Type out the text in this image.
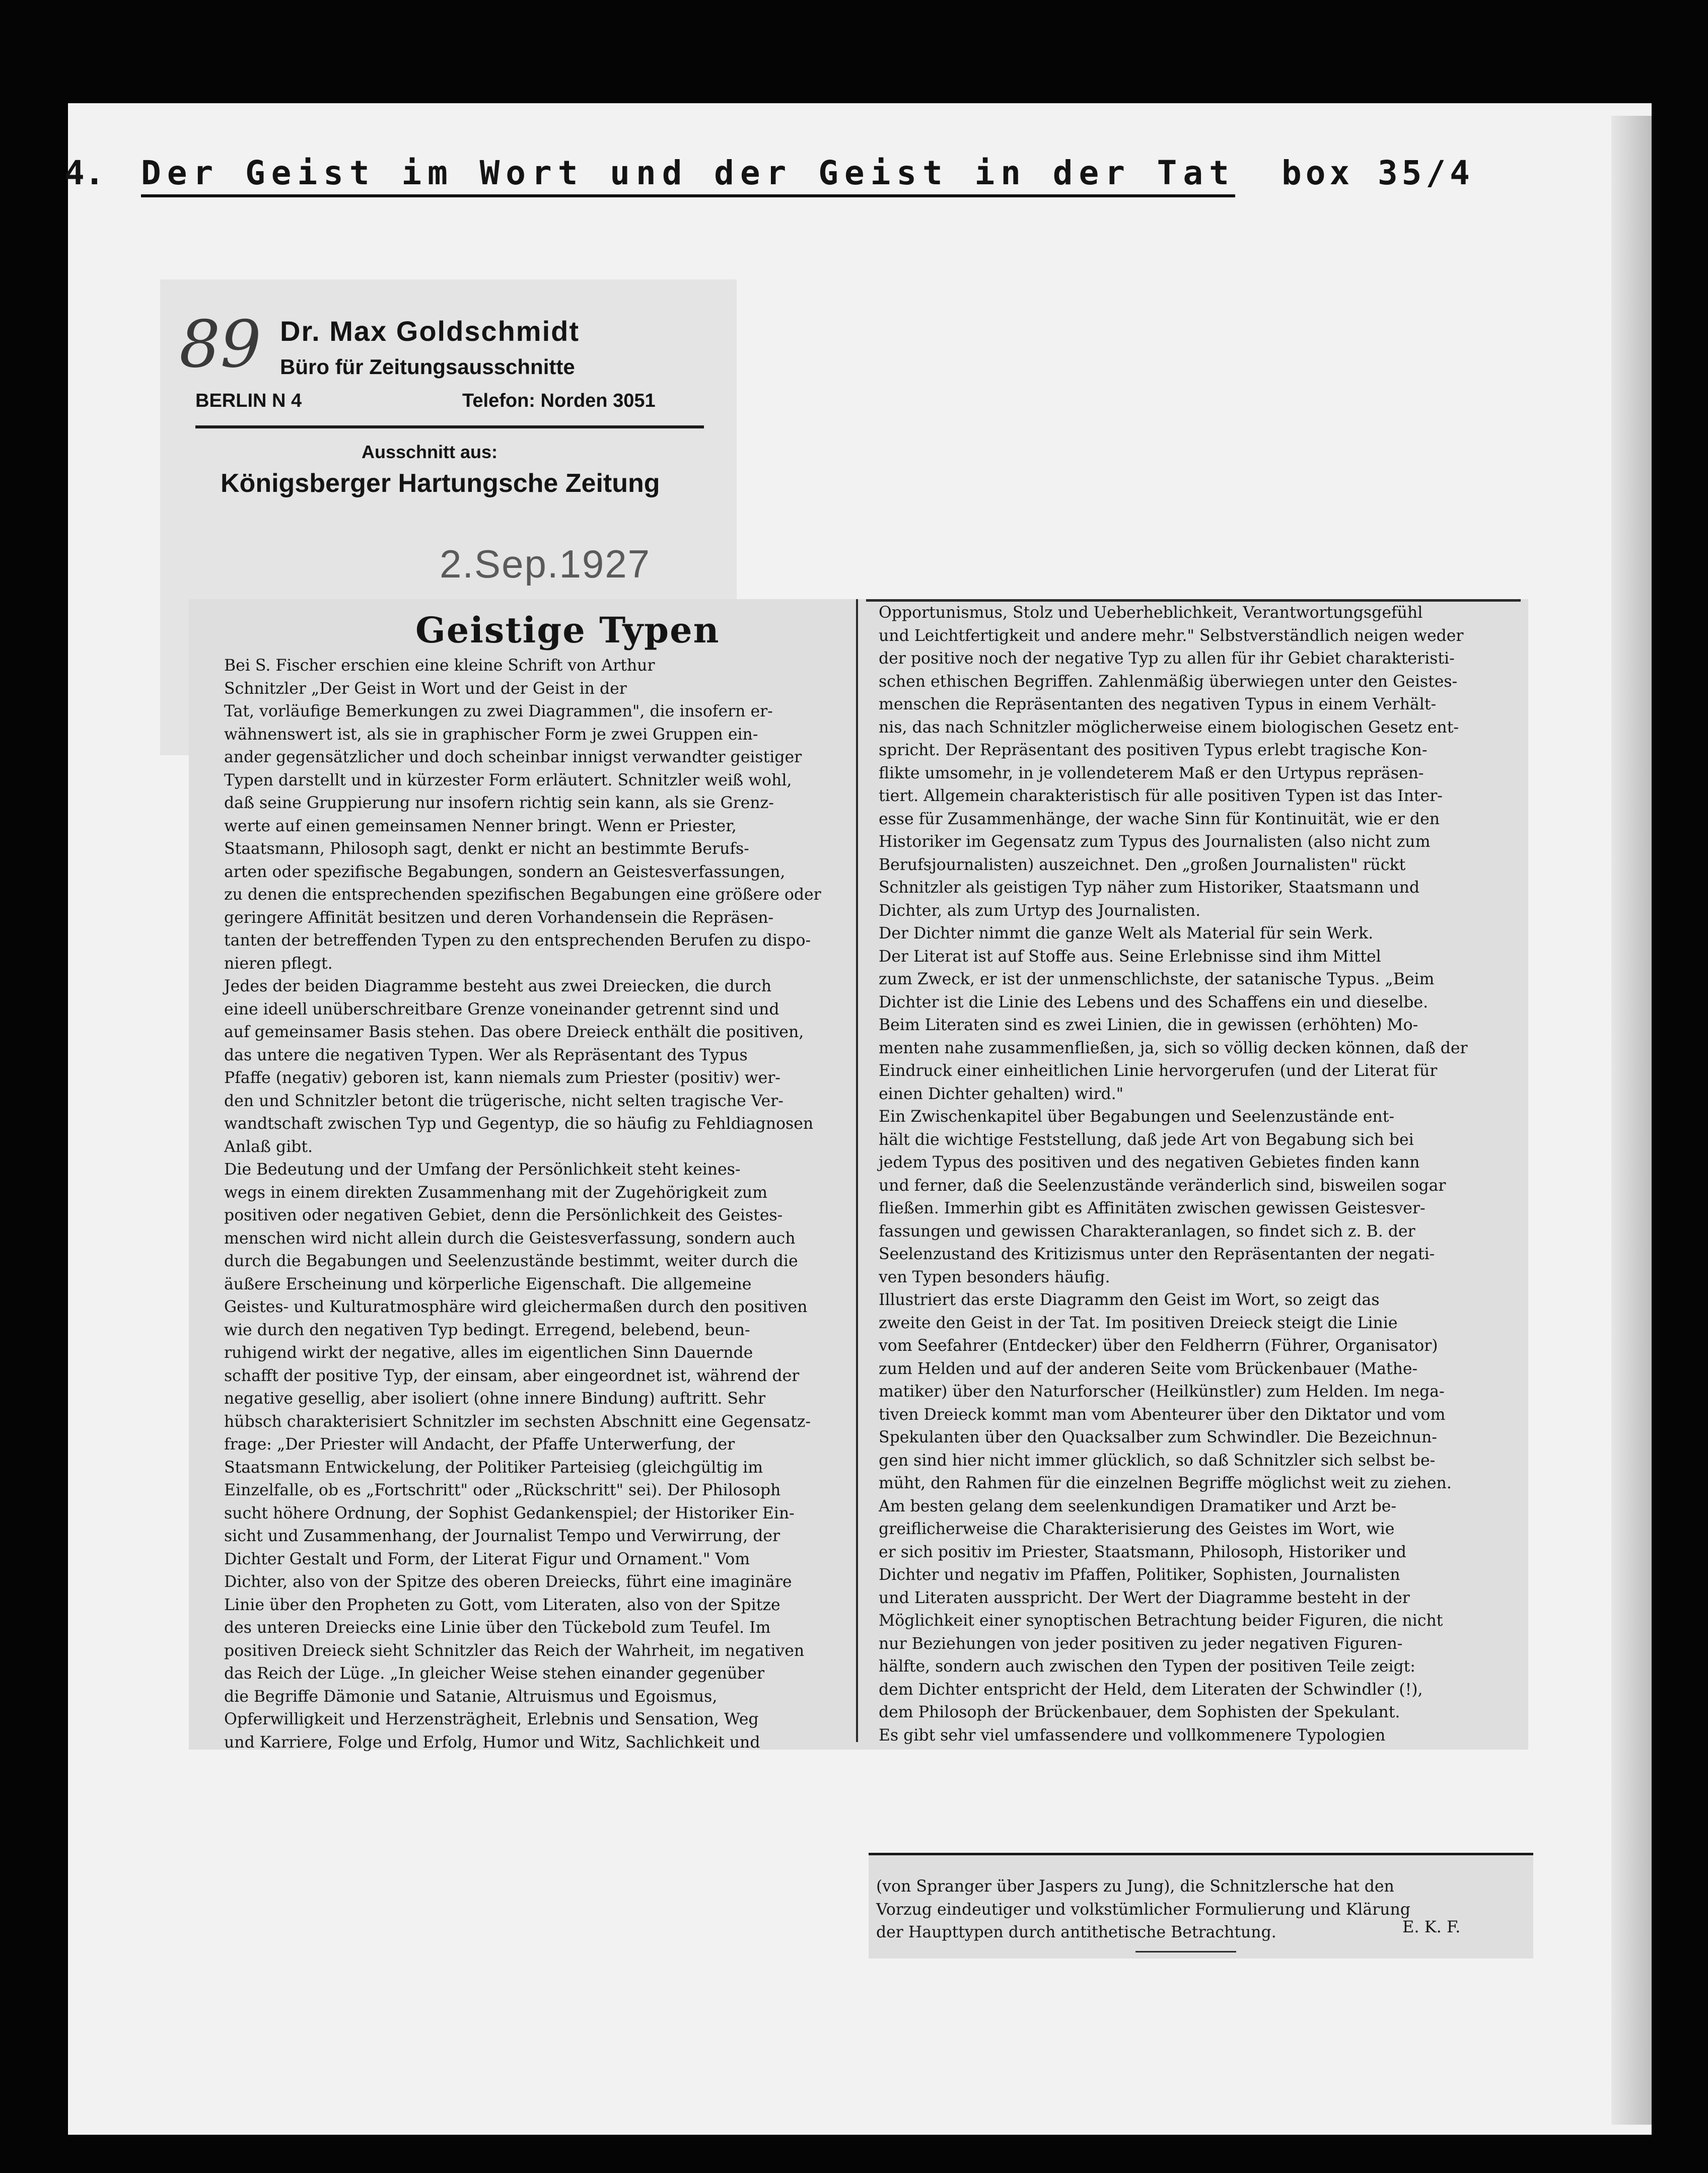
4. Der Geist im Wort und der Geist in der Tat box 35/4
89 Dr. Max Goldschmidt
Büro für Zeitungsausschnitte
BERLIN N 4	Telefon: Norden 3051
Ausschnitt aus:
Königsberger Hartungsche Zeitung
2.Sep.1927
Geistige Typen

Bei S. Fischer erschien eine kleine Schrift von Arthur

Schnitzler „Der Geist in Wort und der Geist in der

Tat, vorläufige Bemerkungen zu zwei Diagrammen", die insofern er-

wähnenswert ist, als sie in graphischer Form je zwei Gruppen ein-

ander gegensätzlicher und doch scheinbar innigst verwandter geistiger

Typen darstellt und in kürzester Form erläutert. Schnitzler weiß wohl,

daß seine Gruppierung nur insofern richtig sein kann, als sie Grenz-

werte auf einen gemeinsamen Nenner bringt. Wenn er Priester,

Staatsmann, Philosoph sagt, denkt er nicht an bestimmte Berufs-

arten oder spezifische Begabungen, sondern an Geistesverfassungen,

zu denen die entsprechenden spezifischen Begabungen eine größere oder

geringere Affinität besitzen und deren Vorhandensein die Repräsen-

tanten der betreffenden Typen zu den entsprechenden Berufen zu dispo-

nieren pflegt.

Jedes der beiden Diagramme besteht aus zwei Dreiecken, die durch

eine ideell unüberschreitbare Grenze voneinander getrennt sind und

auf gemeinsamer Basis stehen. Das obere Dreieck enthält die positiven,

das untere die negativen Typen. Wer als Repräsentant des Typus

Pfaffe (negativ) geboren ist, kann niemals zum Priester (positiv) wer-

den und Schnitzler betont die trügerische, nicht selten tragische Ver-

wandtschaft zwischen Typ und Gegentyp, die so häufig zu Fehldiagnosen

Anlaß gibt.

Die Bedeutung und der Umfang der Persönlichkeit steht keines-

wegs in einem direkten Zusammenhang mit der Zugehörigkeit zum

positiven oder negativen Gebiet, denn die Persönlichkeit des Geistes-

menschen wird nicht allein durch die Geistesverfassung, sondern auch

durch die Begabungen und Seelenzustände bestimmt, weiter durch die

äußere Erscheinung und körperliche Eigenschaft. Die allgemeine

Geistes- und Kulturatmosphäre wird gleichermaßen durch den positiven

wie durch den negativen Typ bedingt. Erregend, belebend, beun-

ruhigend wirkt der negative, alles im eigentlichen Sinn Dauernde

schafft der positive Typ, der einsam, aber eingeordnet ist, während der

negative gesellig, aber isoliert (ohne innere Bindung) auftritt. Sehr

hübsch charakterisiert Schnitzler im sechsten Abschnitt eine Gegensatz-

frage: „Der Priester will Andacht, der Pfaffe Unterwerfung, der

Staatsmann Entwickelung, der Politiker Parteisieg (gleichgültig im

Einzelfalle, ob es „Fortschritt" oder „Rückschritt" sei). Der Philosoph

sucht höhere Ordnung, der Sophist Gedankenspiel; der Historiker Ein-

sicht und Zusammenhang, der Journalist Tempo und Verwirrung, der

Dichter Gestalt und Form, der Literat Figur und Ornament." Vom

Dichter, also von der Spitze des oberen Dreiecks, führt eine imaginäre

Linie über den Propheten zu Gott, vom Literaten, also von der Spitze

des unteren Dreiecks eine Linie über den Tückebold zum Teufel. Im

positiven Dreieck sieht Schnitzler das Reich der Wahrheit, im negativen

das Reich der Lüge. „In gleicher Weise stehen einander gegenüber

die Begriffe Dämonie und Satanie, Altruismus und Egoismus,

Opferwilligkeit und Herzensträgheit, Erlebnis und Sensation, Weg

und Karriere, Folge und Erfolg, Humor und Witz, Sachlichkeit und

Opportunismus, Stolz und Ueberheblichkeit, Verantwortungsgefühl

und Leichtfertigkeit und andere mehr." Selbstverständlich neigen weder

der positive noch der negative Typ zu allen für ihr Gebiet charakteristi-

schen ethischen Begriffen. Zahlenmäßig überwiegen unter den Geistes-

menschen die Repräsentanten des negativen Typus in einem Verhält-

nis, das nach Schnitzler möglicherweise einem biologischen Gesetz ent-

spricht. Der Repräsentant des positiven Typus erlebt tragische Kon-

flikte umsomehr, in je vollendeterem Maß er den Urtypus repräsen-

tiert. Allgemein charakteristisch für alle positiven Typen ist das Inter-

esse für Zusammenhänge, der wache Sinn für Kontinuität, wie er den

Historiker im Gegensatz zum Typus des Journalisten (also nicht zum

Berufsjournalisten) auszeichnet. Den „großen Journalisten" rückt

Schnitzler als geistigen Typ näher zum Historiker, Staatsmann und

Dichter, als zum Urtyp des Journalisten.

Der Dichter nimmt die ganze Welt als Material für sein Werk.

Der Literat ist auf Stoffe aus. Seine Erlebnisse sind ihm Mittel

zum Zweck, er ist der unmenschlichste, der satanische Typus. „Beim

Dichter ist die Linie des Lebens und des Schaffens ein und dieselbe.

Beim Literaten sind es zwei Linien, die in gewissen (erhöhten) Mo-

menten nahe zusammenfließen, ja, sich so völlig decken können, daß der

Eindruck einer einheitlichen Linie hervorgerufen (und der Literat für

einen Dichter gehalten) wird."

Ein Zwischenkapitel über Begabungen und Seelenzustände ent-

hält die wichtige Feststellung, daß jede Art von Begabung sich bei

jedem Typus des positiven und des negativen Gebietes finden kann

und ferner, daß die Seelenzustände veränderlich sind, bisweilen sogar

fließen. Immerhin gibt es Affinitäten zwischen gewissen Geistesver-

fassungen und gewissen Charakteranlagen, so findet sich z. B. der

Seelenzustand des Kritizismus unter den Repräsentanten der negati-

ven Typen besonders häufig.

Illustriert das erste Diagramm den Geist im Wort, so zeigt das

zweite den Geist in der Tat. Im positiven Dreieck steigt die Linie

vom Seefahrer (Entdecker) über den Feldherrn (Führer, Organisator)

zum Helden und auf der anderen Seite vom Brückenbauer (Mathe-

matiker) über den Naturforscher (Heilkünstler) zum Helden. Im nega-

tiven Dreieck kommt man vom Abenteurer über den Diktator und vom

Spekulanten über den Quacksalber zum Schwindler. Die Bezeichnun-

gen sind hier nicht immer glücklich, so daß Schnitzler sich selbst be-

müht, den Rahmen für die einzelnen Begriffe möglichst weit zu ziehen.

Am besten gelang dem seelenkundigen Dramatiker und Arzt be-

greiflicherweise die Charakterisierung des Geistes im Wort, wie

er sich positiv im Priester, Staatsmann, Philosoph, Historiker und

Dichter und negativ im Pfaffen, Politiker, Sophisten, Journalisten

und Literaten ausspricht. Der Wert der Diagramme besteht in der

Möglichkeit einer synoptischen Betrachtung beider Figuren, die nicht

nur Beziehungen von jeder positiven zu jeder negativen Figuren-

hälfte, sondern auch zwischen den Typen der positiven Teile zeigt:

dem Dichter entspricht der Held, dem Literaten der Schwindler (!),

dem Philosoph der Brückenbauer, dem Sophisten der Spekulant.

Es gibt sehr viel umfassendere und vollkommenere Typologien

(von Spranger über Jaspers zu Jung), die Schnitzlersche hat den

Vorzug eindeutiger und volkstümlicher Formulierung und Klärung

der Haupttypen durch antithetische Betrachtung.	E. K. F.
